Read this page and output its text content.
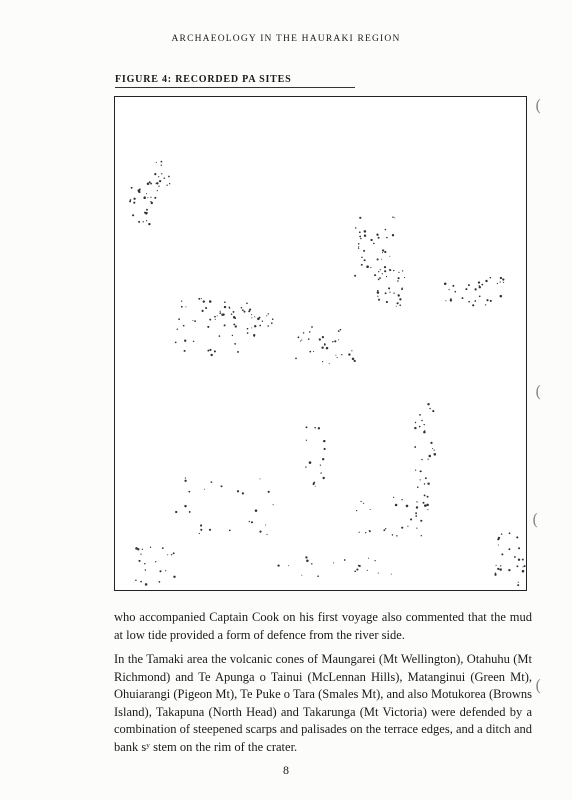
ARCHAEOLOGY IN THE HAURAKI REGION
FIGURE 4: RECORDED PA SITES
(
(
(
(

who accompanied Captain Cook on his first voyage also commented that the mud at low tide provided a form of defence from the river side.

In the Tamaki area the volcanic cones of Maungarei (Mt Wellington), Otahuhu (Mt Richmond) and Te Apunga o Tainui (McLennan Hills), Matanginui (Green Mt), Ohuiarangi (Pigeon Mt), Te Puke o Tara (Smales Mt), and also Motukorea (Browns Island), Takapuna (North Head) and Takarunga (Mt Victoria) were defended by a combination of steepened scarps and palisades on the terrace edges, and a ditch and bank sʸ stem on the rim of the crater.

8
